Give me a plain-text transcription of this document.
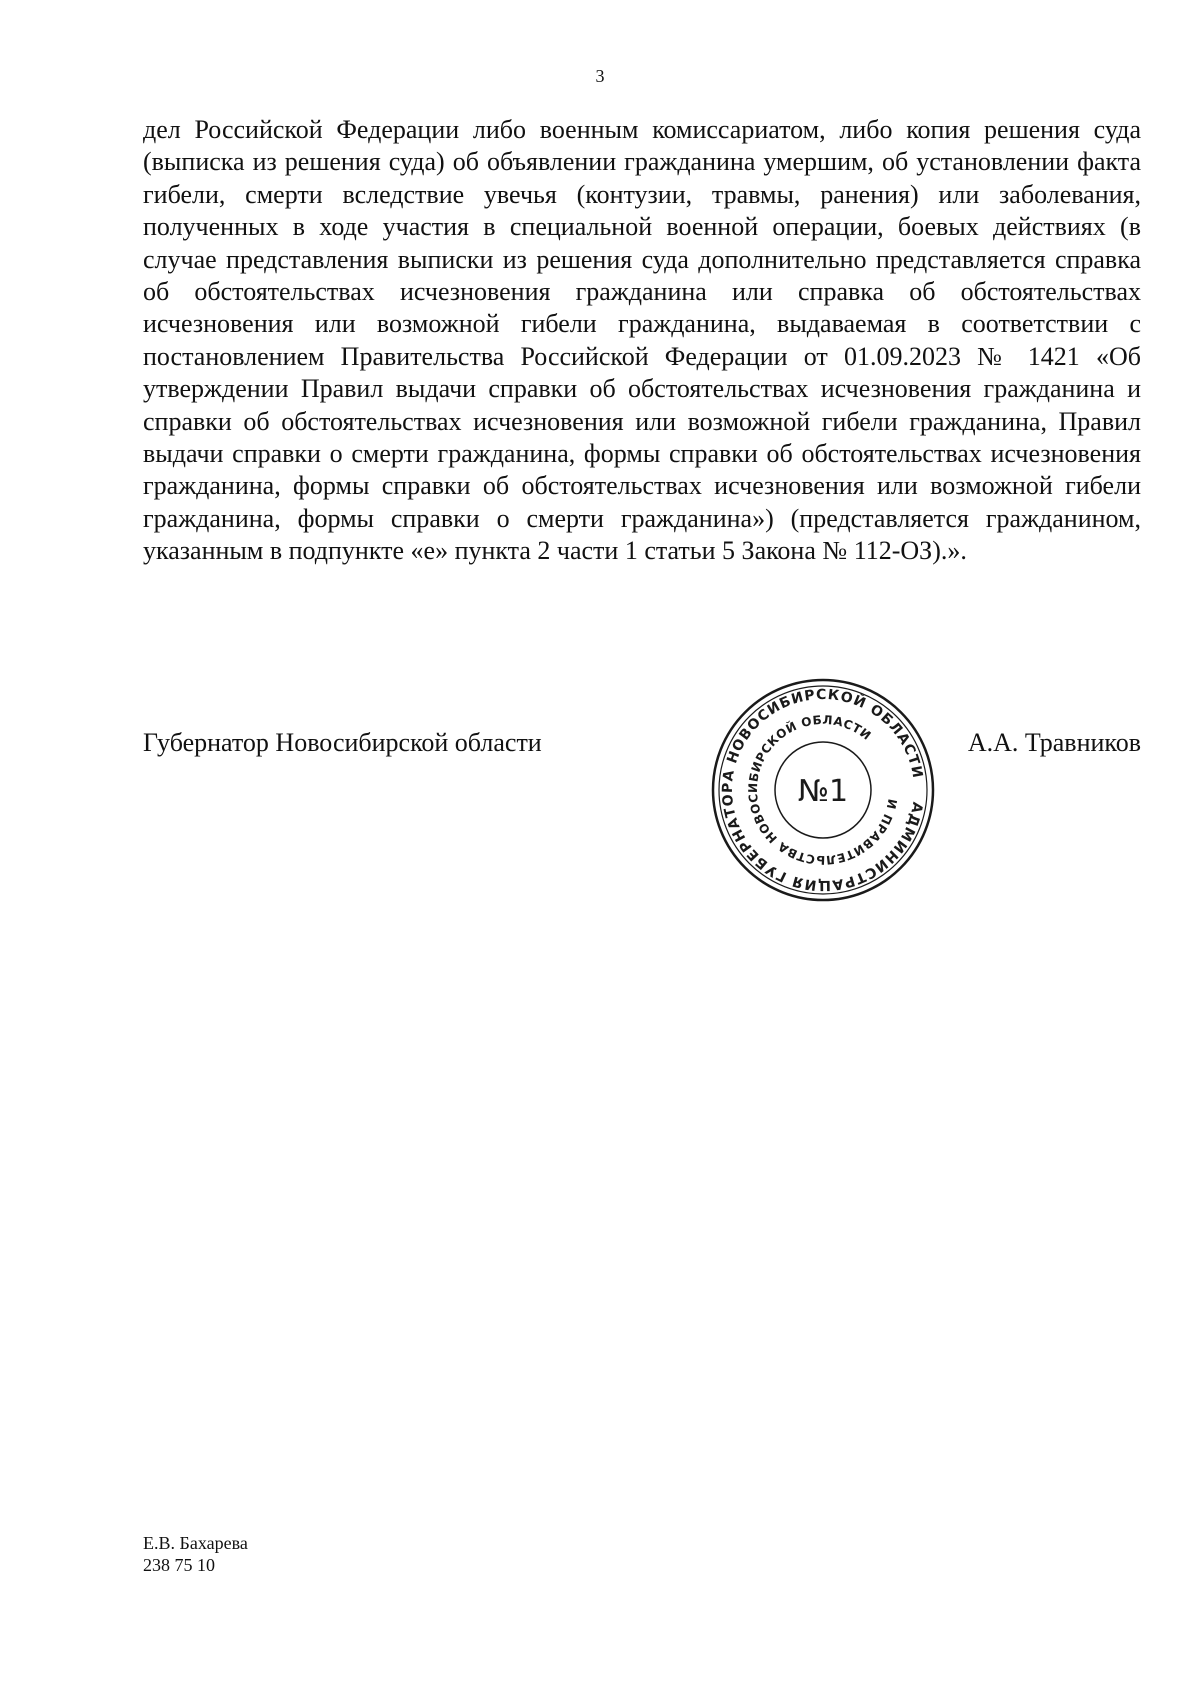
3

дел Российской Федерации либо военным комиссариатом, либо копия решения суда (выписка из решения суда) об объявлении гражданина умершим, об установлении факта гибели, смерти вследствие увечья (контузии, травмы, ранения) или заболевания, полученных в ходе участия в специальной военной операции, боевых действиях (в случае представления выписки из решения суда дополнительно представляется справка об обстоятельствах исчезновения гражданина или справка об обстоятельствах исчезновения или возможной гибели гражданина, выдаваемая в соответствии с постановлением Правительства Российской Федерации от 01.09.2023 № 1421 «Об утверждении Правил выдачи справки об обстоятельствах исчезновения гражданина и справки об обстоятельствах исчезновения или возможной гибели гражданина, Правил выдачи справки о смерти гражданина, формы справки об обстоятельствах исчезновения гражданина, формы справки об обстоятельствах исчезновения или возможной гибели гражданина, формы справки о смерти гражданина») (представляется гражданином, указанным в подпункте «е» пункта 2 части 1 статьи 5 Закона № 112-ОЗ).».

Губернатор Новосибирской области	А.А. Травников
АДМИНИСТРАЦИЯ ГУБЕРНАТОРА НОВОСИБИРСКОЙ ОБЛАСТИ
И ПРАВИТЕЛЬСТВА НОВОСИБИРСКОЙ ОБЛАСТИ
№1
Е.В. Бахарева
238 75 10
